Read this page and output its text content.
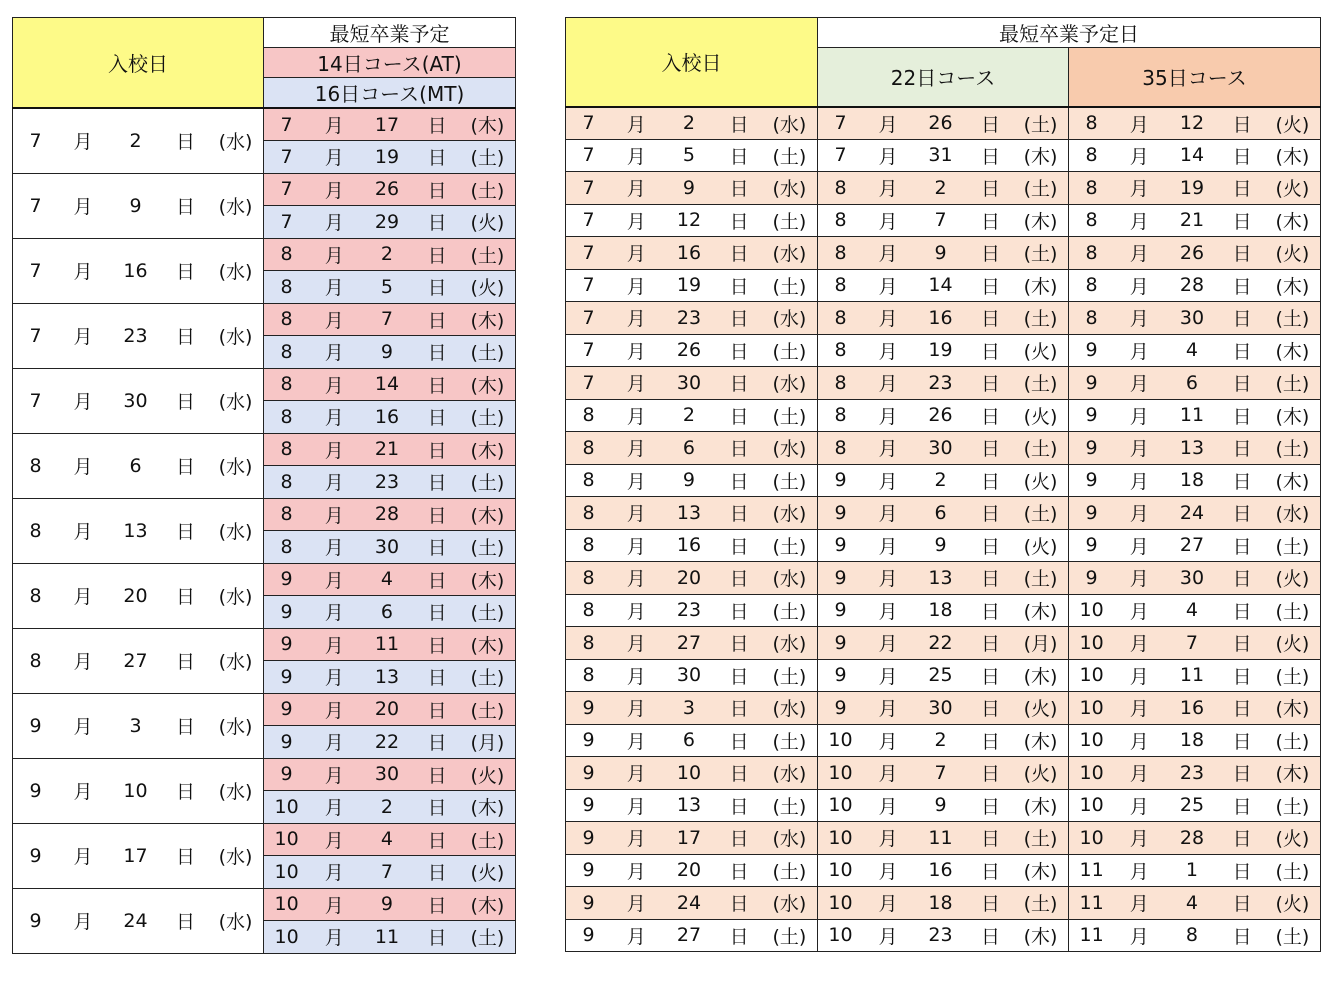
入校日	最短卒業予定
	14日コース(AT)
	16日コース(MT)

7 月 2 日 (水)	7 月 17 日 (木)

	7 月 19 日 (土)

7 月 9 日 (水)	7 月 26 日 (土)

	7 月 29 日 (火)

7 月 16 日 (水)	8 月 2 日 (土)

	8 月 5 日 (火)

7 月 23 日 (水)	8 月 7 日 (木)

	8 月 9 日 (土)

7 月 30 日 (水)	8 月 14 日 (木)

	8 月 16 日 (土)

8 月 6 日 (水)	8 月 21 日 (木)

	8 月 23 日 (土)

8 月 13 日 (水)	8 月 28 日 (木)

	8 月 30 日 (土)

8 月 20 日 (水)	9 月 4 日 (木)

	9 月 6 日 (土)

8 月 27 日 (水)	9 月 11 日 (木)

	9 月 13 日 (土)

9 月 3 日 (水)	9 月 20 日 (土)

	9 月 22 日 (月)

9 月 10 日 (水)	9 月 30 日 (火)

	10 月 2 日 (木)

9 月 17 日 (水)	10 月 4 日 (土)

	10 月 7 日 (火)

9 月 24 日 (水)	10 月 9 日 (木)

	10 月 11 日 (土)
入校日	最短卒業予定日	
	22日コース	35日コース

7 月 2 日 (水)	7 月 26 日 (土)	8 月 12 日 (火)

7 月 5 日 (土)	7 月 31 日 (木)	8 月 14 日 (木)

7 月 9 日 (水)	8 月 2 日 (土)	8 月 19 日 (火)

7 月 12 日 (土)	8 月 7 日 (木)	8 月 21 日 (木)

7 月 16 日 (水)	8 月 9 日 (土)	8 月 26 日 (火)

7 月 19 日 (土)	8 月 14 日 (木)	8 月 28 日 (木)

7 月 23 日 (水)	8 月 16 日 (土)	8 月 30 日 (土)

7 月 26 日 (土)	8 月 19 日 (火)	9 月 4 日 (木)

7 月 30 日 (水)	8 月 23 日 (土)	9 月 6 日 (土)

8 月 2 日 (土)	8 月 26 日 (火)	9 月 11 日 (木)

8 月 6 日 (水)	8 月 30 日 (土)	9 月 13 日 (土)

8 月 9 日 (土)	9 月 2 日 (火)	9 月 18 日 (木)

8 月 13 日 (水)	9 月 6 日 (土)	9 月 24 日 (水)

8 月 16 日 (土)	9 月 9 日 (火)	9 月 27 日 (土)

8 月 20 日 (水)	9 月 13 日 (土)	9 月 30 日 (火)

8 月 23 日 (土)	9 月 18 日 (木)	10 月 4 日 (土)

8 月 27 日 (水)	9 月 22 日 (月)	10 月 7 日 (火)

8 月 30 日 (土)	9 月 25 日 (木)	10 月 11 日 (土)

9 月 3 日 (水)	9 月 30 日 (火)	10 月 16 日 (木)

9 月 6 日 (土)	10 月 2 日 (木)	10 月 18 日 (土)

9 月 10 日 (水)	10 月 7 日 (火)	10 月 23 日 (木)

9 月 13 日 (土)	10 月 9 日 (木)	10 月 25 日 (土)

9 月 17 日 (水)	10 月 11 日 (土)	10 月 28 日 (火)

9 月 20 日 (土)	10 月 16 日 (木)	11 月 1 日 (土)

9 月 24 日 (水)	10 月 18 日 (土)	11 月 4 日 (火)

9 月 27 日 (土)	10 月 23 日 (木)	11 月 8 日 (土)
